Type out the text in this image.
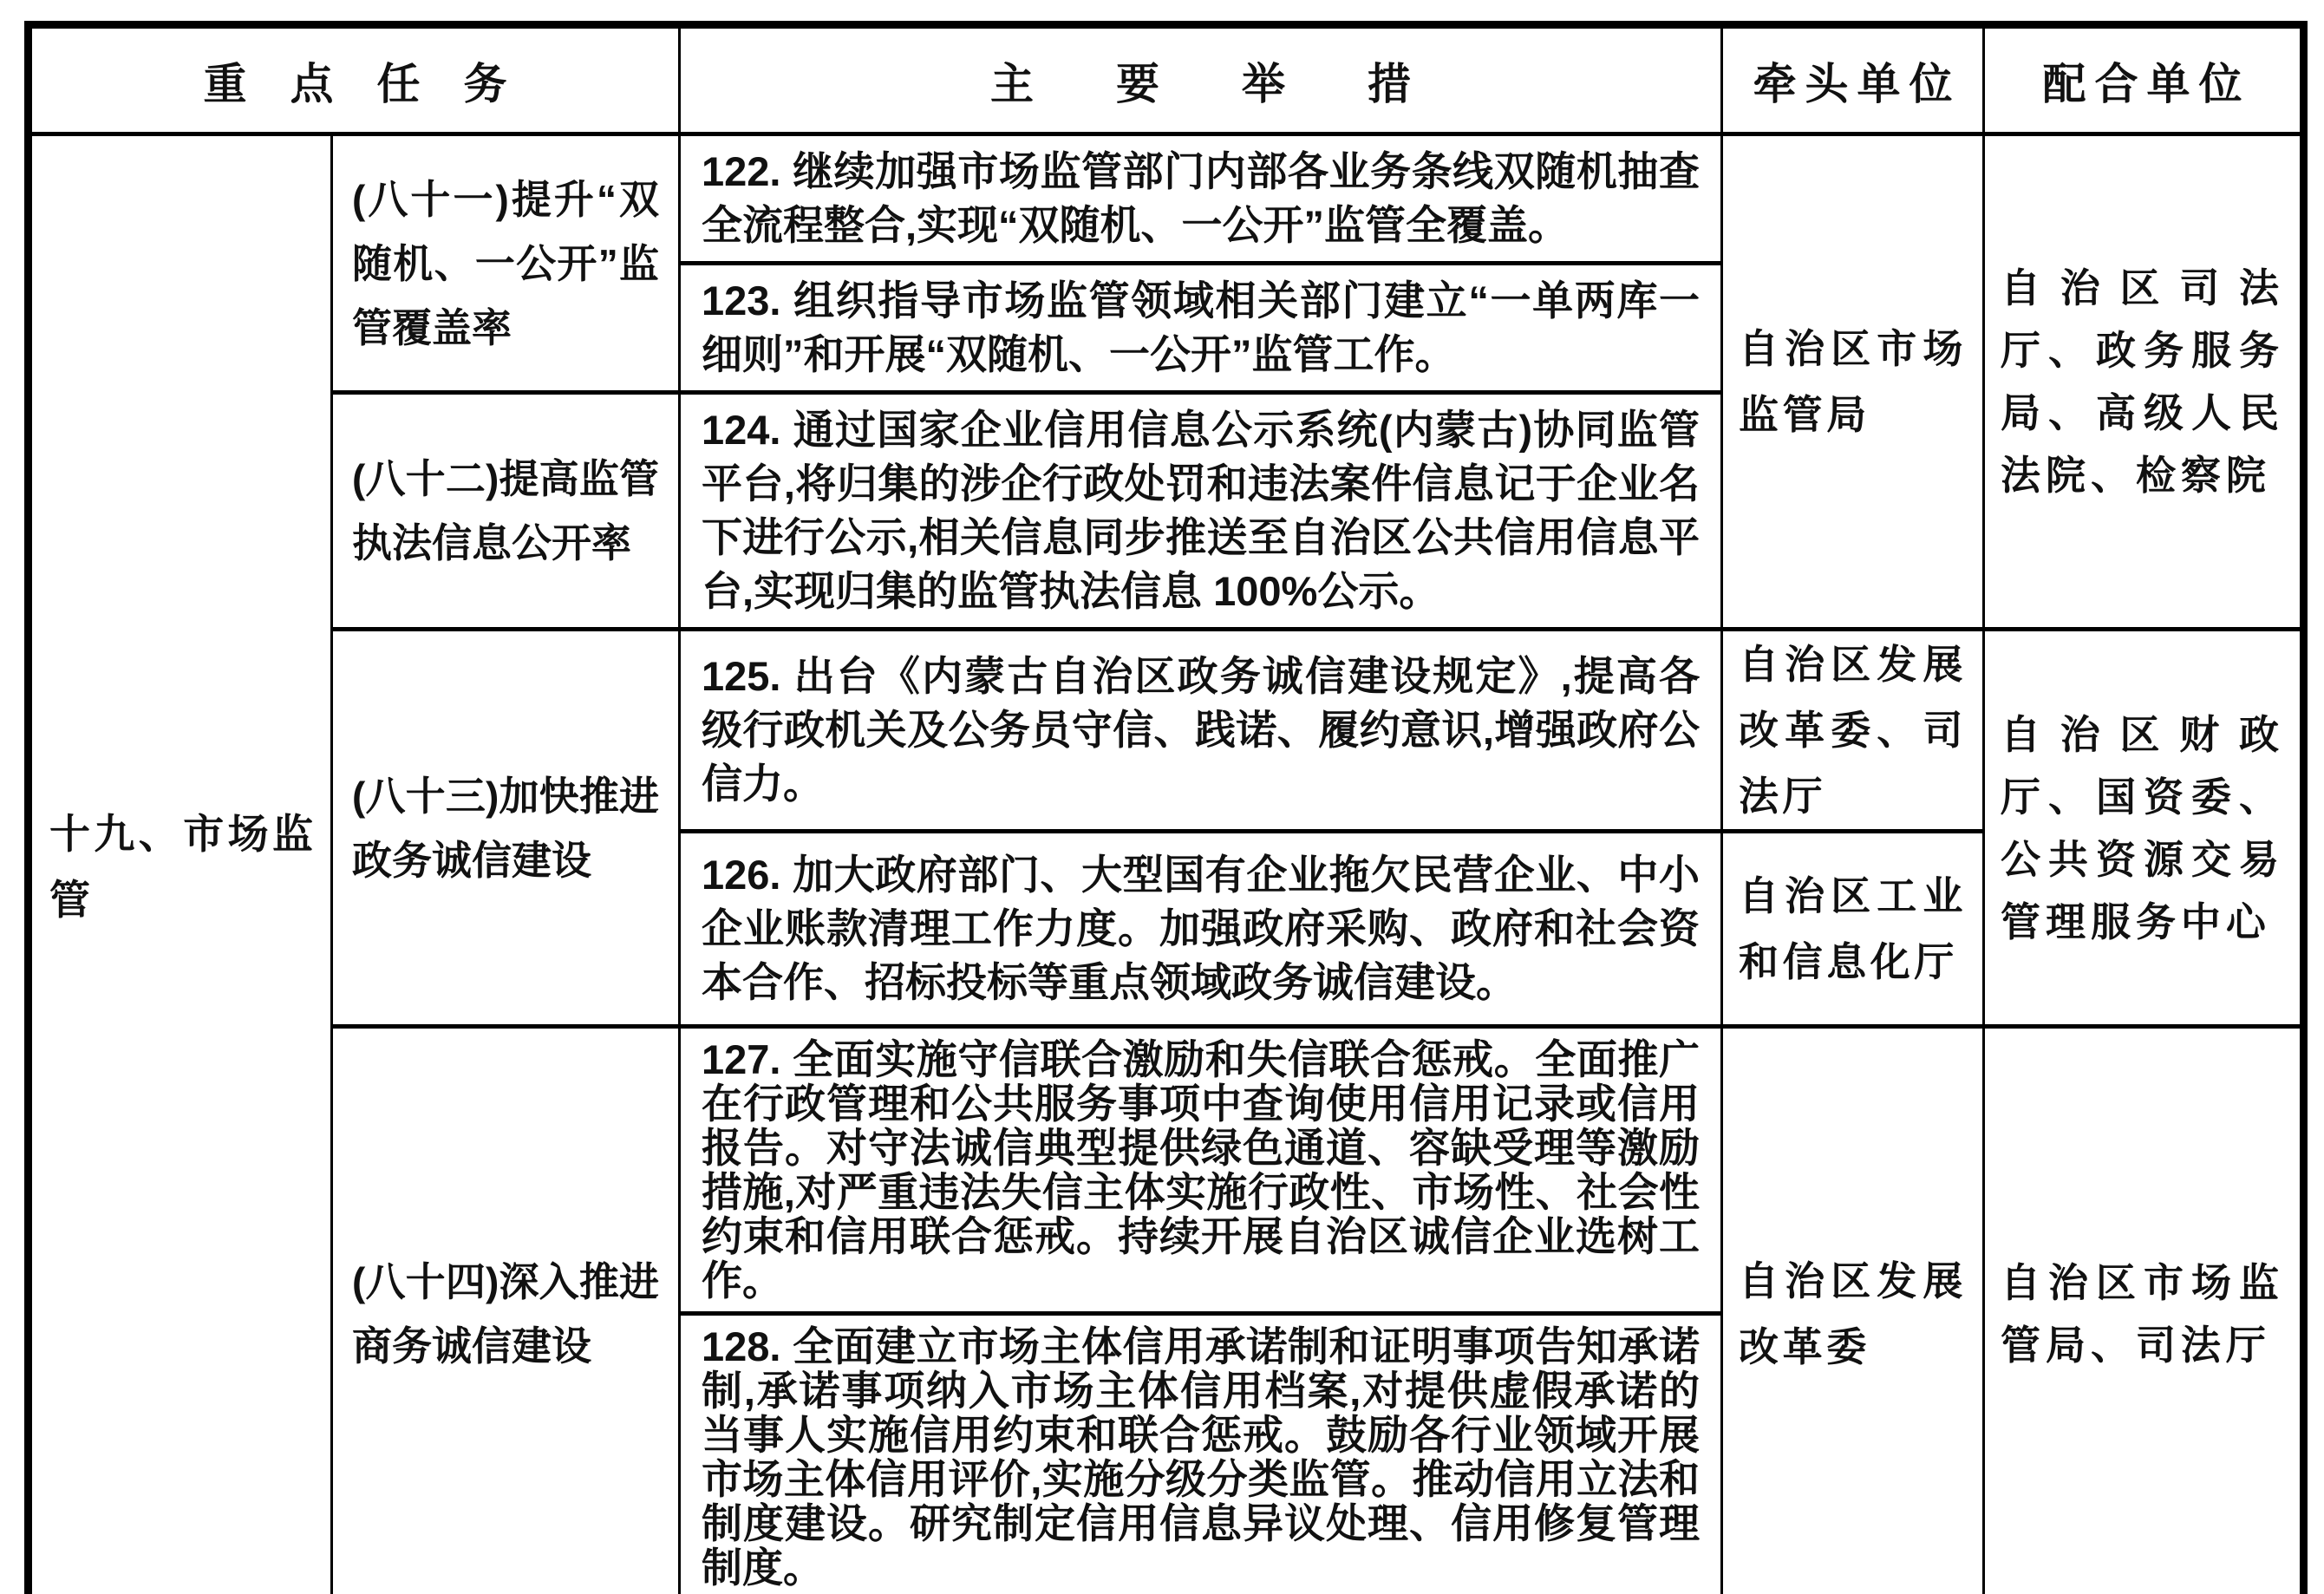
重点任务		主要举措	牵头单位	配合单位
十九、市场监管	(八十一)提升“双随机、一公开”监管覆盖率	122. 继续加强市场监管部门内部各业务条线双随机抽查全流程整合,实现“双随机、一公开”监管全覆盖。	自治区市场监管局	自治区司法厅、政务服务局、高级人民法院、检察院
		123. 组织指导市场监管领域相关部门建立“一单两库一细则”和开展“双随机、一公开”监管工作。		
	(八十二)提高监管执法信息公开率	124. 通过国家企业信用信息公示系统(内蒙古)协同监管平台,将归集的涉企行政处罚和违法案件信息记于企业名下进行公示,相关信息同步推送至自治区公共信用信息平台,实现归集的监管执法信息 100%公示。		
	(八十三)加快推进政务诚信建设	125. 出台《内蒙古自治区政务诚信建设规定》,提高各级行政机关及公务员守信、践诺、履约意识,增强政府公信力。	自治区发展改革委、司法厅	自治区财政厅、国资委、公共资源交易管理服务中心
		126. 加大政府部门、大型国有企业拖欠民营企业、中小企业账款清理工作力度。加强政府采购、政府和社会资本合作、招标投标等重点领域政务诚信建设。	自治区工业和信息化厅	
	(八十四)深入推进商务诚信建设	127. 全面实施守信联合激励和失信联合惩戒。全面推广在行政管理和公共服务事项中查询使用信用记录或信用报告。对守法诚信典型提供绿色通道、容缺受理等激励措施,对严重违法失信主体实施行政性、市场性、社会性约束和信用联合惩戒。持续开展自治区诚信企业选树工作。	自治区发展改革委	自治区市场监管局、司法厅
		128. 全面建立市场主体信用承诺制和证明事项告知承诺制,承诺事项纳入市场主体信用档案,对提供虚假承诺的当事人实施信用约束和联合惩戒。鼓励各行业领域开展市场主体信用评价,实施分级分类监管。推动信用立法和制度建设。研究制定信用信息异议处理、信用修复管理制度。		
